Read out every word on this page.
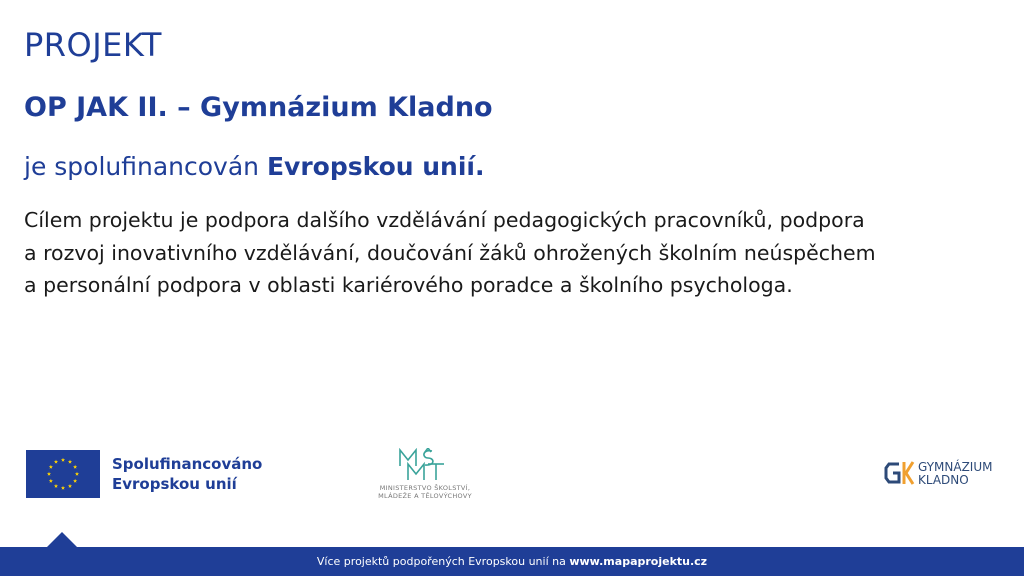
PROJEKT
OP JAK II. – Gymnázium Kladno
je spolufinancován Evropskou unií.
Cílem projektu je podpora dalšího vzdělávání pedagogických pracovníků, podpora
a rozvoj inovativního vzdělávání, doučování žáků ohrožených školním neúspěchem
a personální podpora v oblasti kariérového poradce a školního psychologa.
Spolufinancováno
Evropskou unií	MINISTERSTVO ŠKOLSTVÍ,
MLÁDEŽE A TĚLOVÝCHOVY
GYMNÁZIUM
KLADNO
Více projektů podpořených Evropskou unií na www.mapaprojektu.cz
